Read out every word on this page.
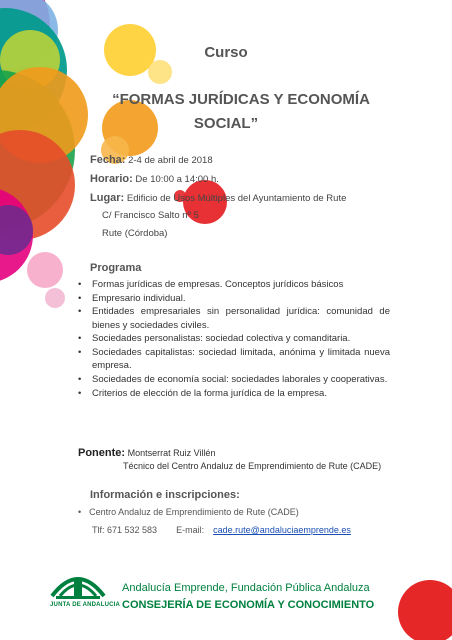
Curso
“FORMAS JURÍDICAS Y ECONOMÍA
SOCIAL”
Fecha: 2-4 de abril de 2018
Horario: De 10:00 a 14:00 h.
Lugar: Edificio de Usos Múltiples del Ayuntamiento de Rute
C/ Francisco Salto nº 5
Rute (Córdoba)
Programa
• Formas jurídicas de empresas. Conceptos jurídicos básicos
• Empresario individual.
• Entidades empresariales sin personalidad jurídica: comunidad de bienes y sociedades civiles.
• Sociedades personalistas: sociedad colectiva y comanditaria.
• Sociedades capitalistas: sociedad limitada, anónima y limitada nueva empresa.
• Sociedades de economía social: sociedades laborales y cooperativas.
• Criterios de elección de la forma jurídica de la empresa.
Ponente: Montserrat Ruiz Villén
Técnico del Centro Andaluz de Emprendimiento de Rute (CADE)
Información e inscripciones:
• Centro Andaluz de Emprendimiento de Rute (CADE)
Tlf: 671 532 583 E-mail: cade.rute@andaluciaemprende.es
JUNTA DE ANDALUCIA
Andalucía Emprende, Fundación Pública Andaluza
CONSEJERÍA DE ECONOMÍA Y CONOCIMIENTO
